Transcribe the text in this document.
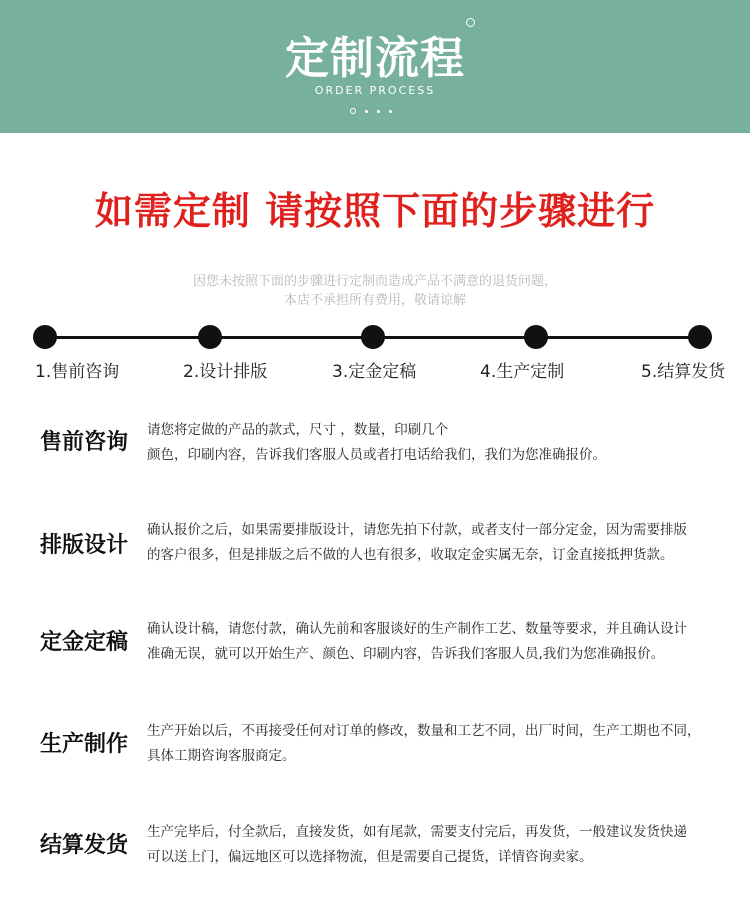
定制流程
ORDER PROCESS
如需定制 请按照下面的步骤进行
因您未按照下面的步骤进行定制而造成产品不满意的退货问题，
本店不承担所有费用，敬请谅解
1.售前咨询	2.设计排版	3.定金定稿	4.生产定制	5.结算发货
售前咨询 请您将定做的产品的款式，尺寸 ，数量，印刷几个
颜色，印刷内容，告诉我们客服人员或者打电话给我们，我们为您准确报价。
排版设计
确认报价之后，如果需要排版设计，请您先拍下付款，或者支付一部分定金，因为需要排版
的客户很多，但是排版之后不做的人也有很多，收取定金实属无奈，订金直接抵押货款。
定金定稿
确认设计稿，请您付款，确认先前和客服谈好的生产制作工艺、数量等要求，并且确认设计
准确无误，就可以开始生产、颜色、印刷内容，告诉我们客服人员,我们为您准确报价。
生产制作
生产开始以后，不再接受任何对订单的修改，数量和工艺不同，出厂时间，生产工期也不同，
具体工期咨询客服商定。
结算发货
生产完毕后，付全款后，直接发货，如有尾款，需要支付完后，再发货，一般建议发货快递
可以送上门，偏远地区可以选择物流，但是需要自己提货，详情咨询卖家。
